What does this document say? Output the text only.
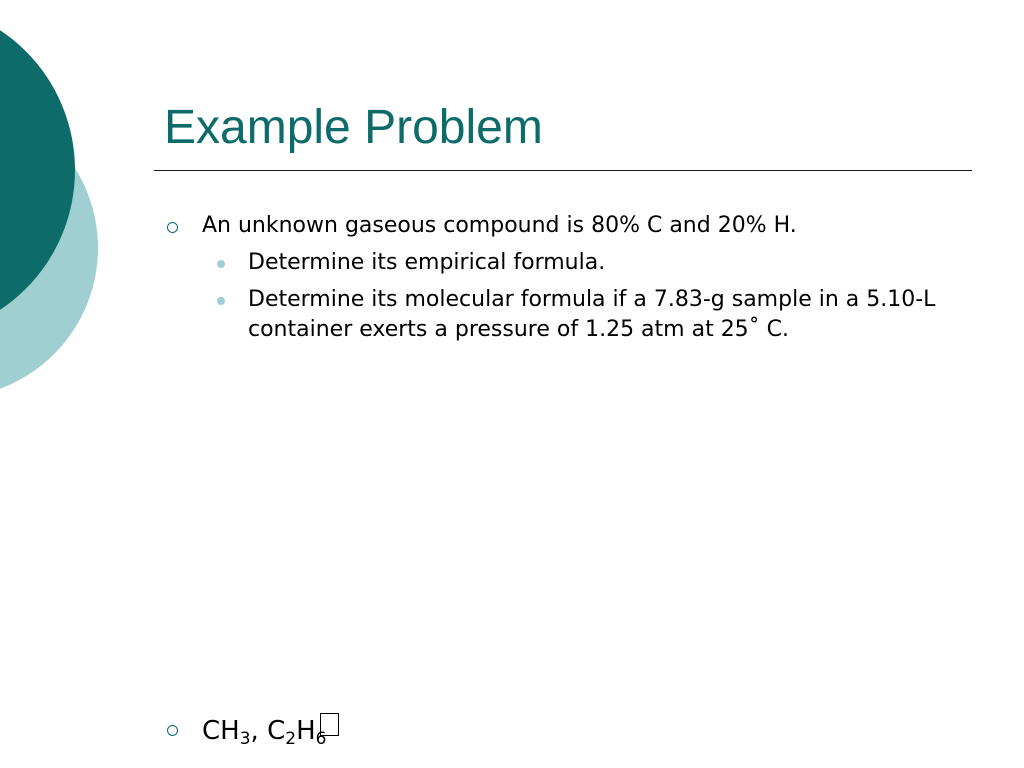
Example Problem
An unknown gaseous compound is 80% C and 20% H.
Determine its empirical formula.
Determine its molecular formula if a 7.83-g sample in a 5.10-L container exerts a pressure of 1.25 atm at 25˚ C.
$CH_3$, $C_2H_6$
